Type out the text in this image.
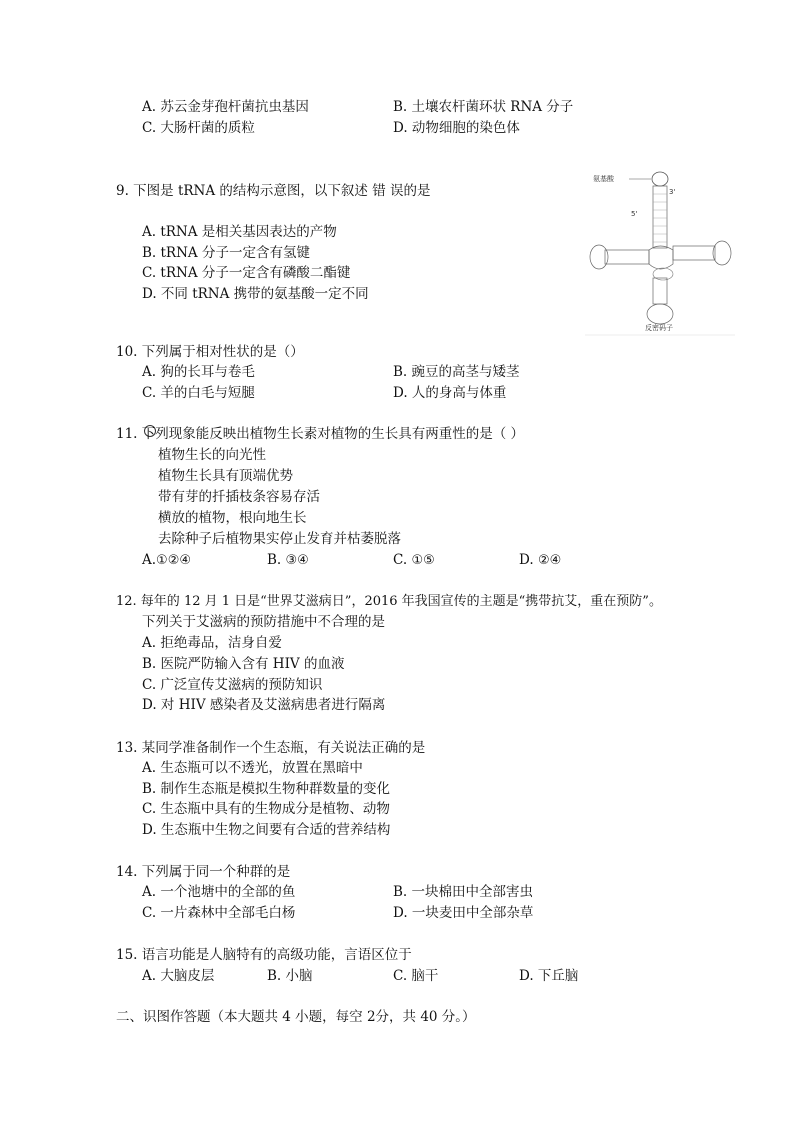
A. 苏云金芽孢杆菌抗虫基因	B. 土壤农杆菌环状 RNA 分子
C. 大肠杆菌的质粒	D. 动物细胞的染色体
9. 下图是 tRNA 的结构示意图，以下叙述 错 误的是
A. tRNA 是相关基因表达的产物
B. tRNA 分子一定含有氢键
C. tRNA 分子一定含有磷酸二酯键
D. 不同 tRNA 携带的氨基酸一定不同
氨基酸
3'
5'
反密码子
10. 下列属于相对性状的是（）
A. 狗的长耳与卷毛	B. 豌豆的高茎与矮茎
C. 羊的白毛与短腿	D. 人的身高与体重
11. 下列现象能反映出植物生长素对植物的生长具有两重性的是（ ）
植物生长的向光性
植物生长具有顶端优势
带有芽的扦插枝条容易存活
横放的植物，根向地生长
去除种子后植物果实停止发育并枯萎脱落
A.①②④	B. ③④	C. ①⑤	D. ②④
12. 每年的 12 月 1 日是“世界艾滋病日”，2016 年我国宣传的主题是“携带抗艾，重在预防”。
下列关于艾滋病的预防措施中不合理的是
A. 拒绝毒品，洁身自爱
B. 医院严防输入含有 HIV 的血液
C. 广泛宣传艾滋病的预防知识
D. 对 HIV 感染者及艾滋病患者进行隔离
13. 某同学准备制作一个生态瓶，有关说法正确的是
A. 生态瓶可以不透光，放置在黑暗中
B. 制作生态瓶是模拟生物种群数量的变化
C. 生态瓶中具有的生物成分是植物、动物
D. 生态瓶中生物之间要有合适的营养结构
14. 下列属于同一个种群的是
A. 一个池塘中的全部的鱼	B. 一块棉田中全部害虫
C. 一片森林中全部毛白杨	D. 一块麦田中全部杂草
15. 语言功能是人脑特有的高级功能，言语区位于
A. 大脑皮层	B. 小脑	C. 脑干	D. 下丘脑
二、识图作答题（本大题共 4 小题，每空 2分，共 40 分。）
